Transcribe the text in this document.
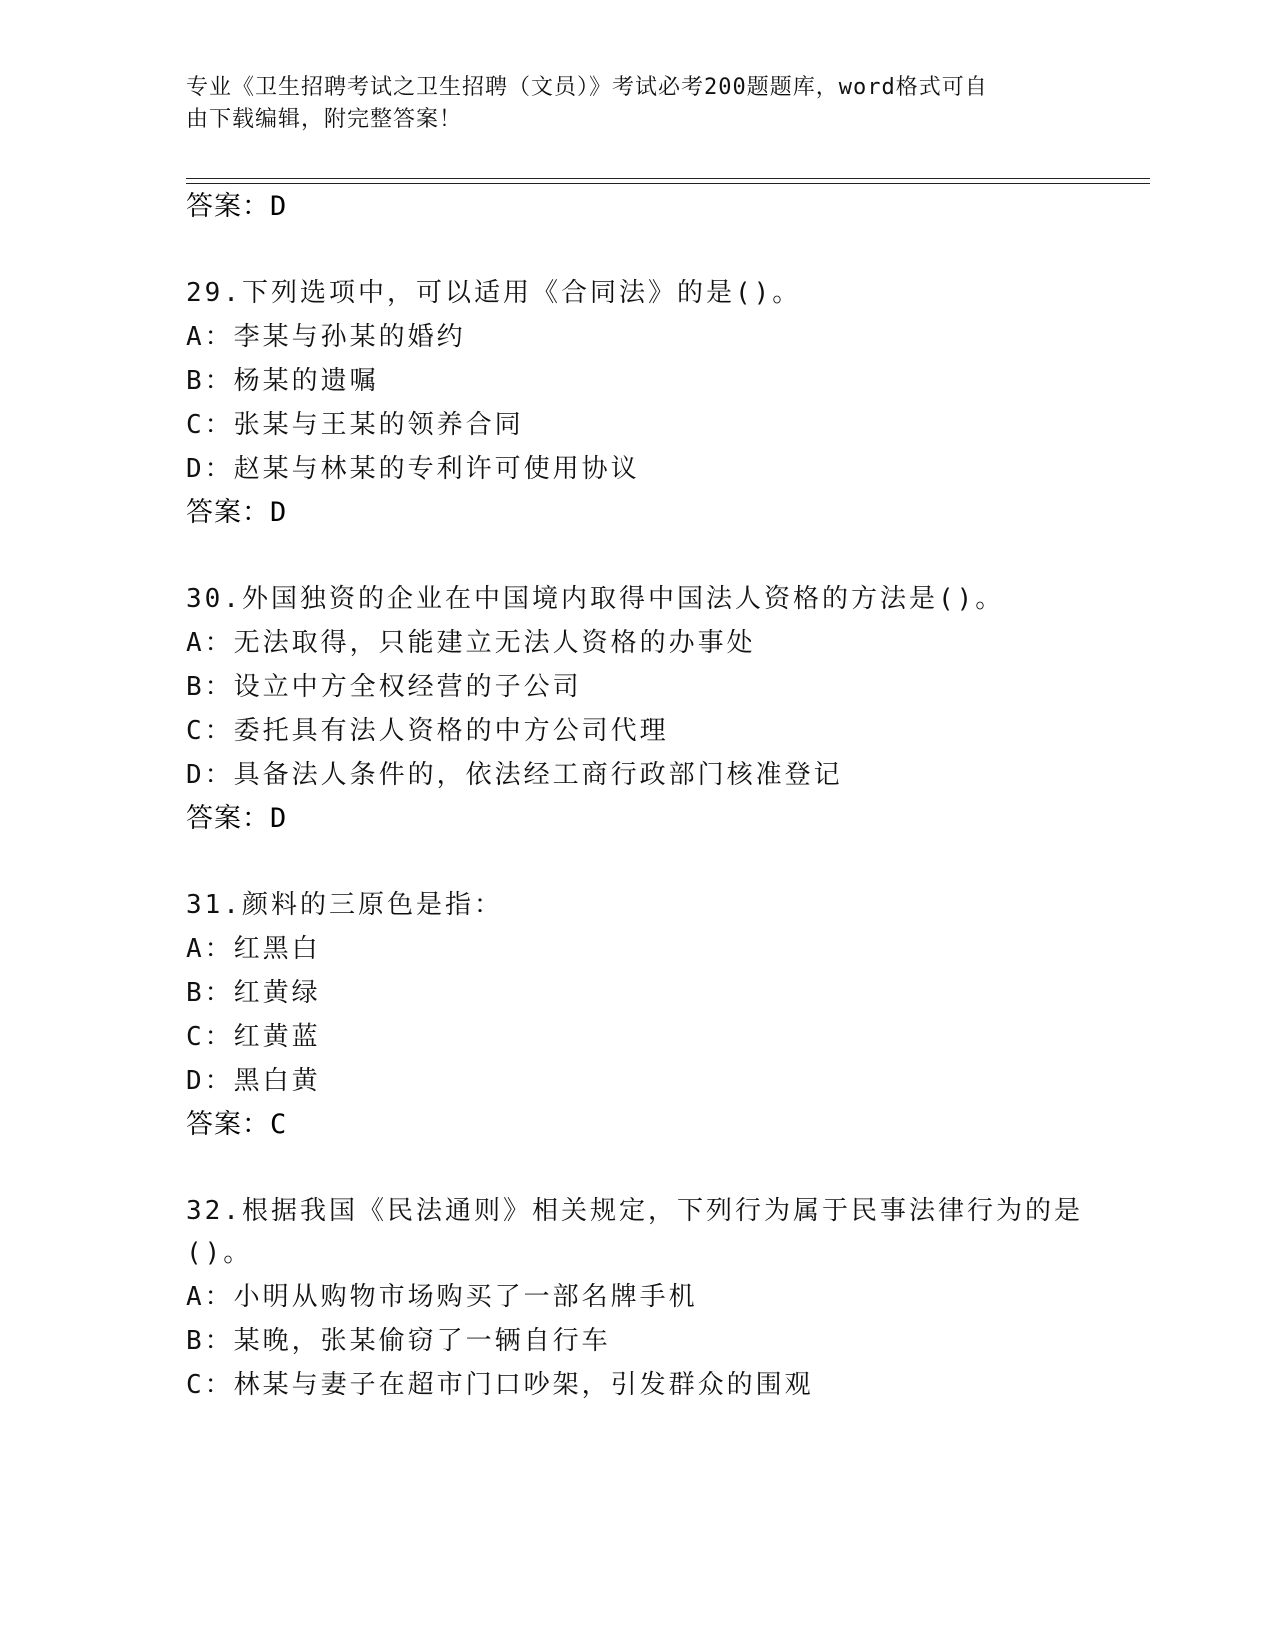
专业《卫生招聘考试之卫生招聘（文员）》考试必考200题题库，word格式可自
由下载编辑，附完整答案！
答案：D
29.下列选项中，可以适用《合同法》的是()。
A：李某与孙某的婚约
B：杨某的遗嘱
C：张某与王某的领养合同
D：赵某与林某的专利许可使用协议
答案：D
30.外国独资的企业在中国境内取得中国法人资格的方法是()。
A：无法取得，只能建立无法人资格的办事处
B：设立中方全权经营的子公司
C：委托具有法人资格的中方公司代理
D：具备法人条件的，依法经工商行政部门核准登记
答案：D
31.颜料的三原色是指：
A：红黑白
B：红黄绿
C：红黄蓝
D：黑白黄
答案：C
32.根据我国《民法通则》相关规定，下列行为属于民事法律行为的是
()。
A：小明从购物市场购买了一部名牌手机
B：某晚，张某偷窃了一辆自行车
C：林某与妻子在超市门口吵架，引发群众的围观
